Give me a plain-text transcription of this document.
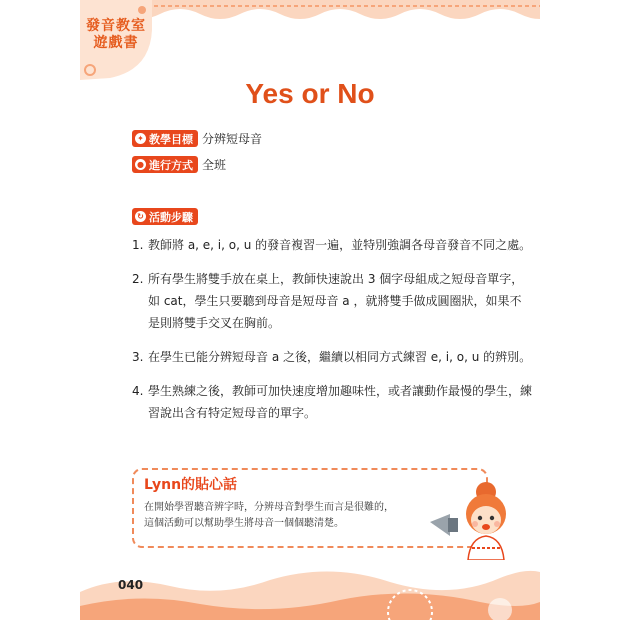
發音教室
遊戲書
Yes or No
✦ 教學目標 分辨短母音
● 進行方式 全班
↻ 活動步驟
1. 教師將 a, e, i, o, u 的發音複習一遍，並特別強調各母音發音不同之處。
2. 所有學生將雙手放在桌上，教師快速說出 3 個字母組成之短母音單字，如 cat，學生只要聽到母音是短母音 a ，就將雙手做成圓圈狀，如果不是則將雙手交叉在胸前。
3. 在學生已能分辨短母音 a 之後，繼續以相同方式練習 e, i, o, u 的辨別。
4. 學生熟練之後，教師可加快速度增加趣味性，或者讓動作最慢的學生，練習說出含有特定短母音的單字。
Lynn的貼心話
在開始學習聽音辨字時，分辨母音對學生而言是很難的，
這個活動可以幫助學生將母音一個個聽清楚。
040
